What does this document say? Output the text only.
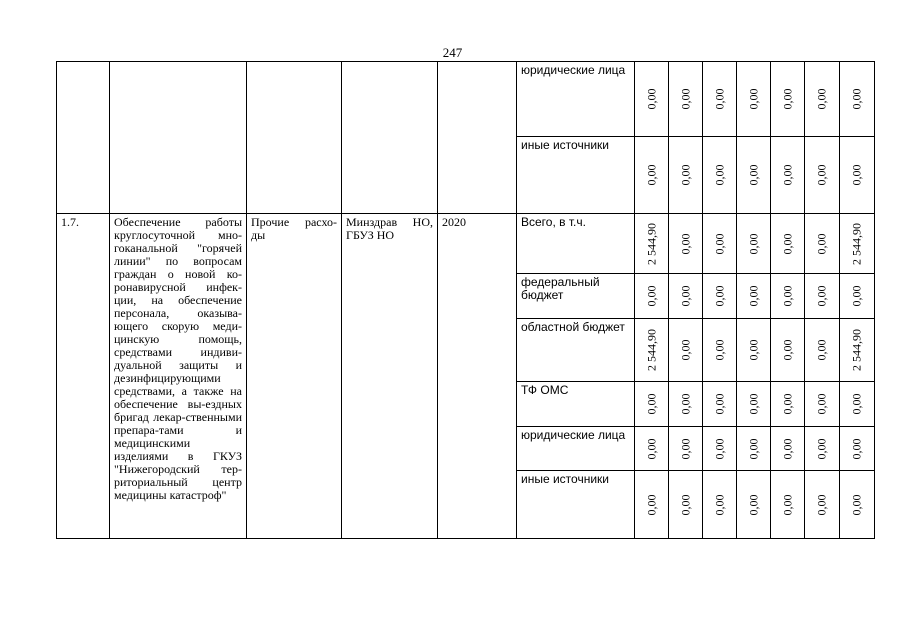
247
					юридические лица	0,00	0,00	0,00	0,00	0,00	0,00	0,00

					иные источники	0,00	0,00	0,00	0,00	0,00	0,00	0,00

1.7.	Обеспечение работы круглосуточной мно-гоканальной "горячей линии" по вопросам граждан о новой ко-ронавирусной инфек-ции, на обеспечение персонала, оказыва-ющего скорую меди-цинскую помощь, средствами индиви-дуальной защиты и дезинфицирующими средствами, а также на обеспечение вы-ездных бригад лекар-ственными препара-тами и медицинскими изделиями в ГКУЗ "Нижегородский тер-риториальный центр медицины катастроф"	Прочие расхо-ды	Минздрав НО, ГБУЗ НО	2020	Всего, в т.ч.	2 544,90	0,00	0,00	0,00	0,00	0,00	2 544,90

					федеральный бюджет	0,00	0,00	0,00	0,00	0,00	0,00	0,00

					областной бюджет	2 544,90	0,00	0,00	0,00	0,00	0,00	2 544,90

					ТФ ОМС	0,00	0,00	0,00	0,00	0,00	0,00	0,00

					юридические лица	0,00	0,00	0,00	0,00	0,00	0,00	0,00

					иные источники	0,00	0,00	0,00	0,00	0,00	0,00	0,00
